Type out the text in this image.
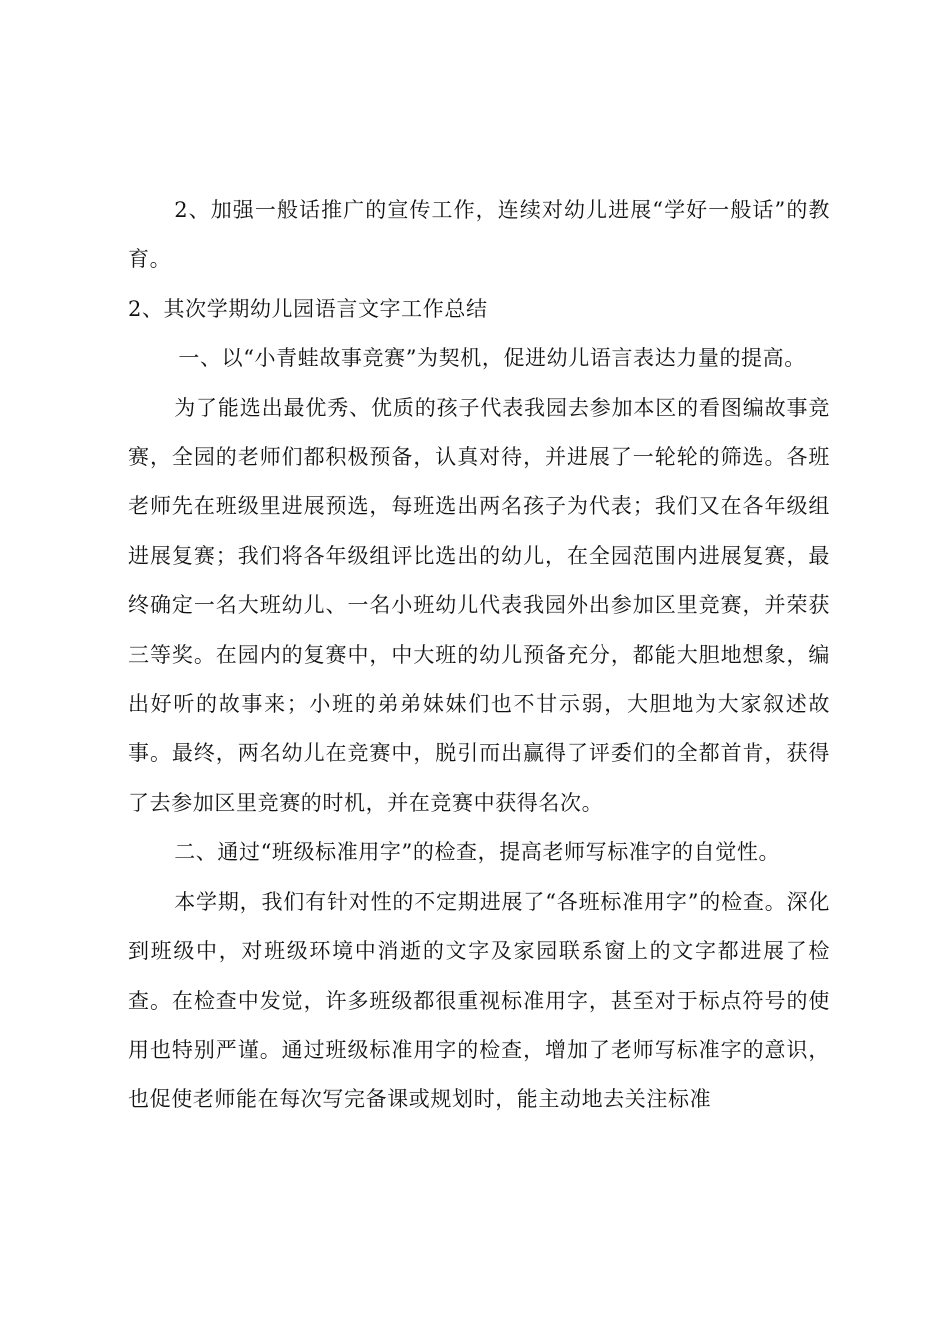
2、加强一般话推广的宣传工作，连续对幼儿进展“学好一般话”的教育。

2、其次学期幼儿园语言文字工作总结

一、以“小青蛙故事竞赛”为契机，促进幼儿语言表达力量的提高。

为了能选出最优秀、优质的孩子代表我园去参加本区的看图编故事竞赛，全园的老师们都积极预备，认真对待，并进展了一轮轮的筛选。各班老师先在班级里进展预选，每班选出两名孩子为代表；我们又在各年级组进展复赛；我们将各年级组评比选出的幼儿，在全园范围内进展复赛，最终确定一名大班幼儿、一名小班幼儿代表我园外出参加区里竞赛，并荣获三等奖。在园内的复赛中，中大班的幼儿预备充分，都能大胆地想象，编出好听的故事来；小班的弟弟妹妹们也不甘示弱，大胆地为大家叙述故事。最终，两名幼儿在竞赛中，脱引而出赢得了评委们的全都首肯，获得了去参加区里竞赛的时机，并在竞赛中获得名次。

二、通过“班级标准用字”的检查，提高老师写标准字的自觉性。

本学期，我们有针对性的不定期进展了“各班标准用字”的检查。深化到班级中，对班级环境中消逝的文字及家园联系窗上的文字都进展了检查。在检查中发觉，许多班级都很重视标准用字，甚至对于标点符号的使用也特别严谨。通过班级标准用字的检查，增加了老师写标准字的意识，也促使老师能在每次写完备课或规划时，能主动地去关注标准
